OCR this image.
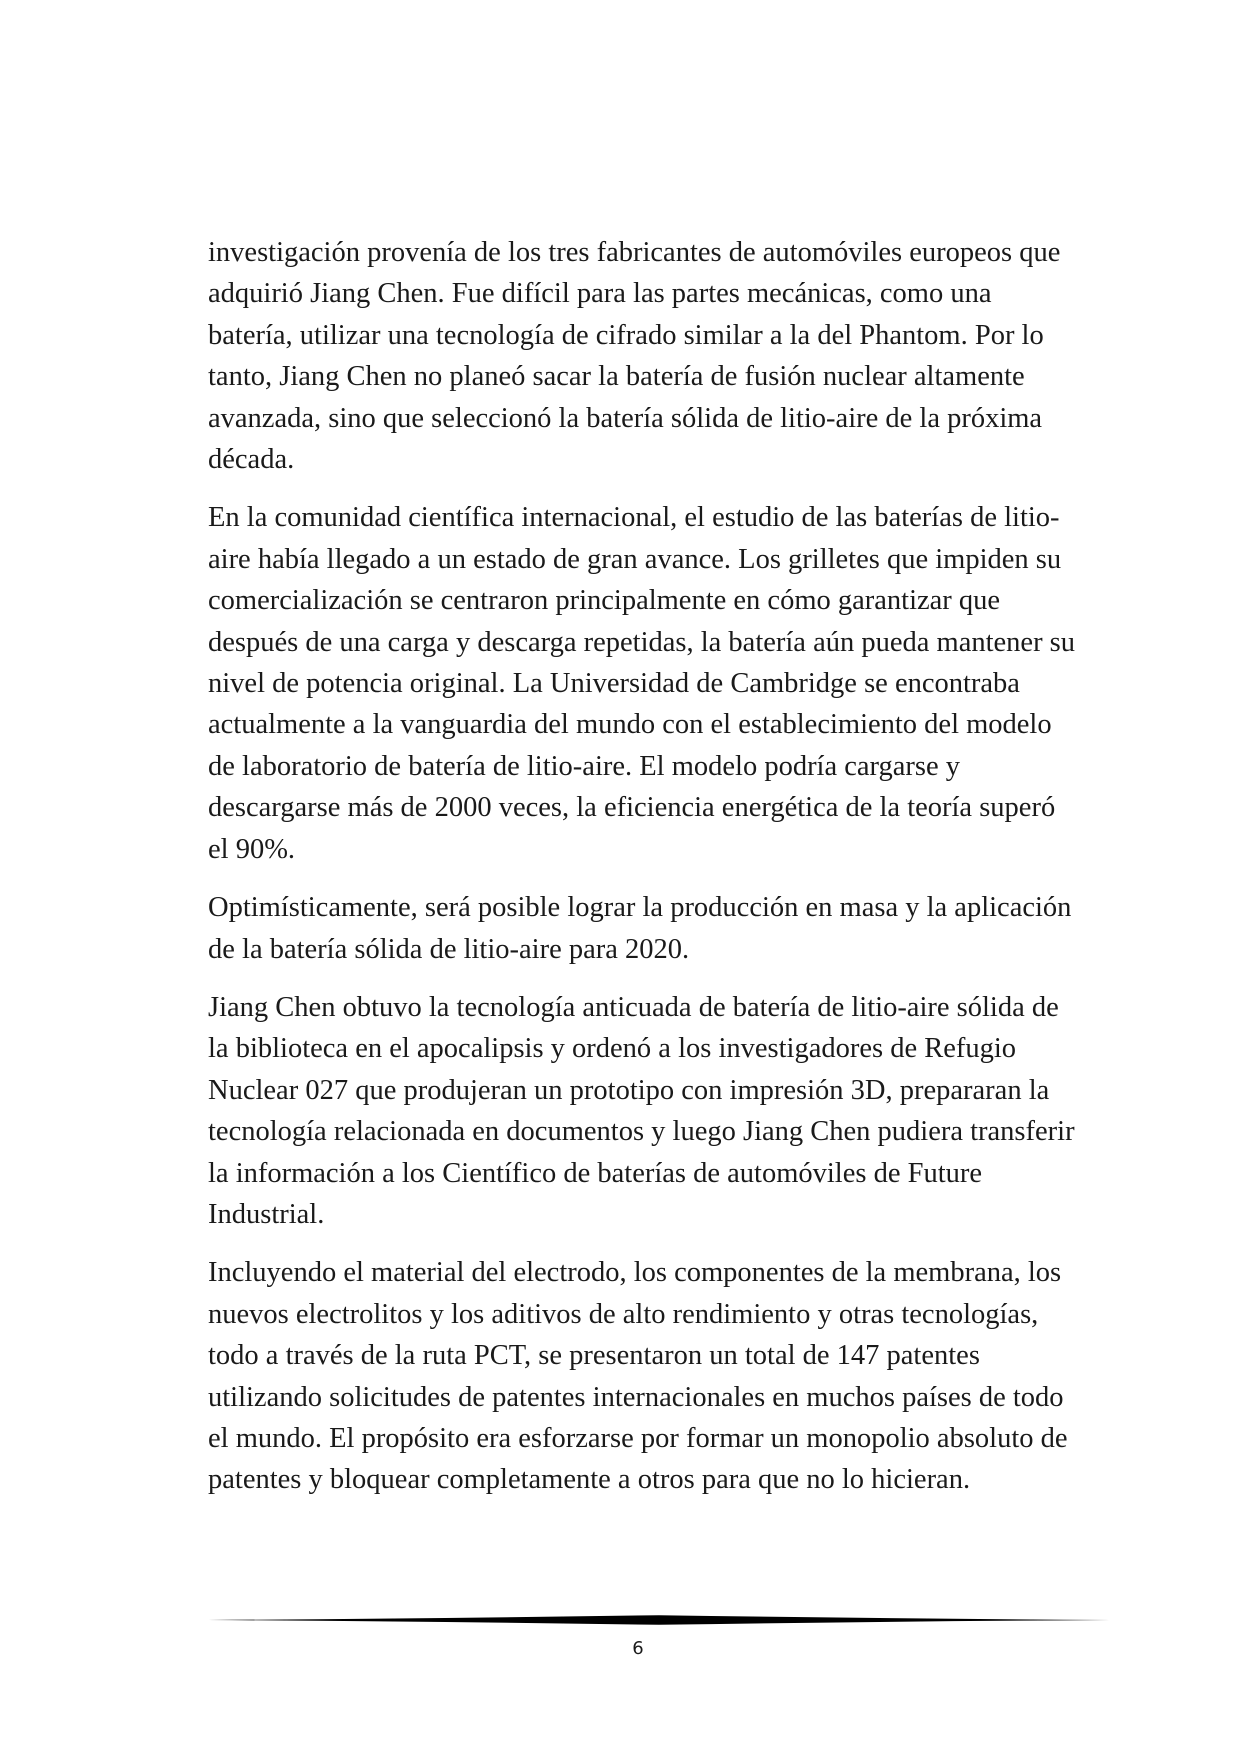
investigación provenía de los tres fabricantes de automóviles europeos que adquirió Jiang Chen. Fue difícil para las partes mecánicas, como una batería, utilizar una tecnología de cifrado similar a la del Phantom. Por lo tanto, Jiang Chen no planeó sacar la batería de fusión nuclear altamente avanzada, sino que seleccionó la batería sólida de litio-aire de la próxima década.

En la comunidad científica internacional, el estudio de las baterías de litio-aire había llegado a un estado de gran avance. Los grilletes que impiden su comercialización se centraron principalmente en cómo garantizar que después de una carga y descarga repetidas, la batería aún pueda mantener su nivel de potencia original. La Universidad de Cambridge se encontraba actualmente a la vanguardia del mundo con el establecimiento del modelo de laboratorio de batería de litio-aire. El modelo podría cargarse y descargarse más de 2000 veces, la eficiencia energética de la teoría superó el 90%.

Optimísticamente, será posible lograr la producción en masa y la aplicación de la batería sólida de litio-aire para 2020.

Jiang Chen obtuvo la tecnología anticuada de batería de litio-aire sólida de la biblioteca en el apocalipsis y ordenó a los investigadores de Refugio Nuclear 027 que produjeran un prototipo con impresión 3D, prepararan la tecnología relacionada en documentos y luego Jiang Chen pudiera transferir la información a los Científico de baterías de automóviles de Future Industrial.

Incluyendo el material del electrodo, los componentes de la membrana, los nuevos electrolitos y los aditivos de alto rendimiento y otras tecnologías, todo a través de la ruta PCT, se presentaron un total de 147 patentes utilizando solicitudes de patentes internacionales en muchos países de todo el mundo. El propósito era esforzarse por formar un monopolio absoluto de patentes y bloquear completamente a otros para que no lo hicieran.

6
